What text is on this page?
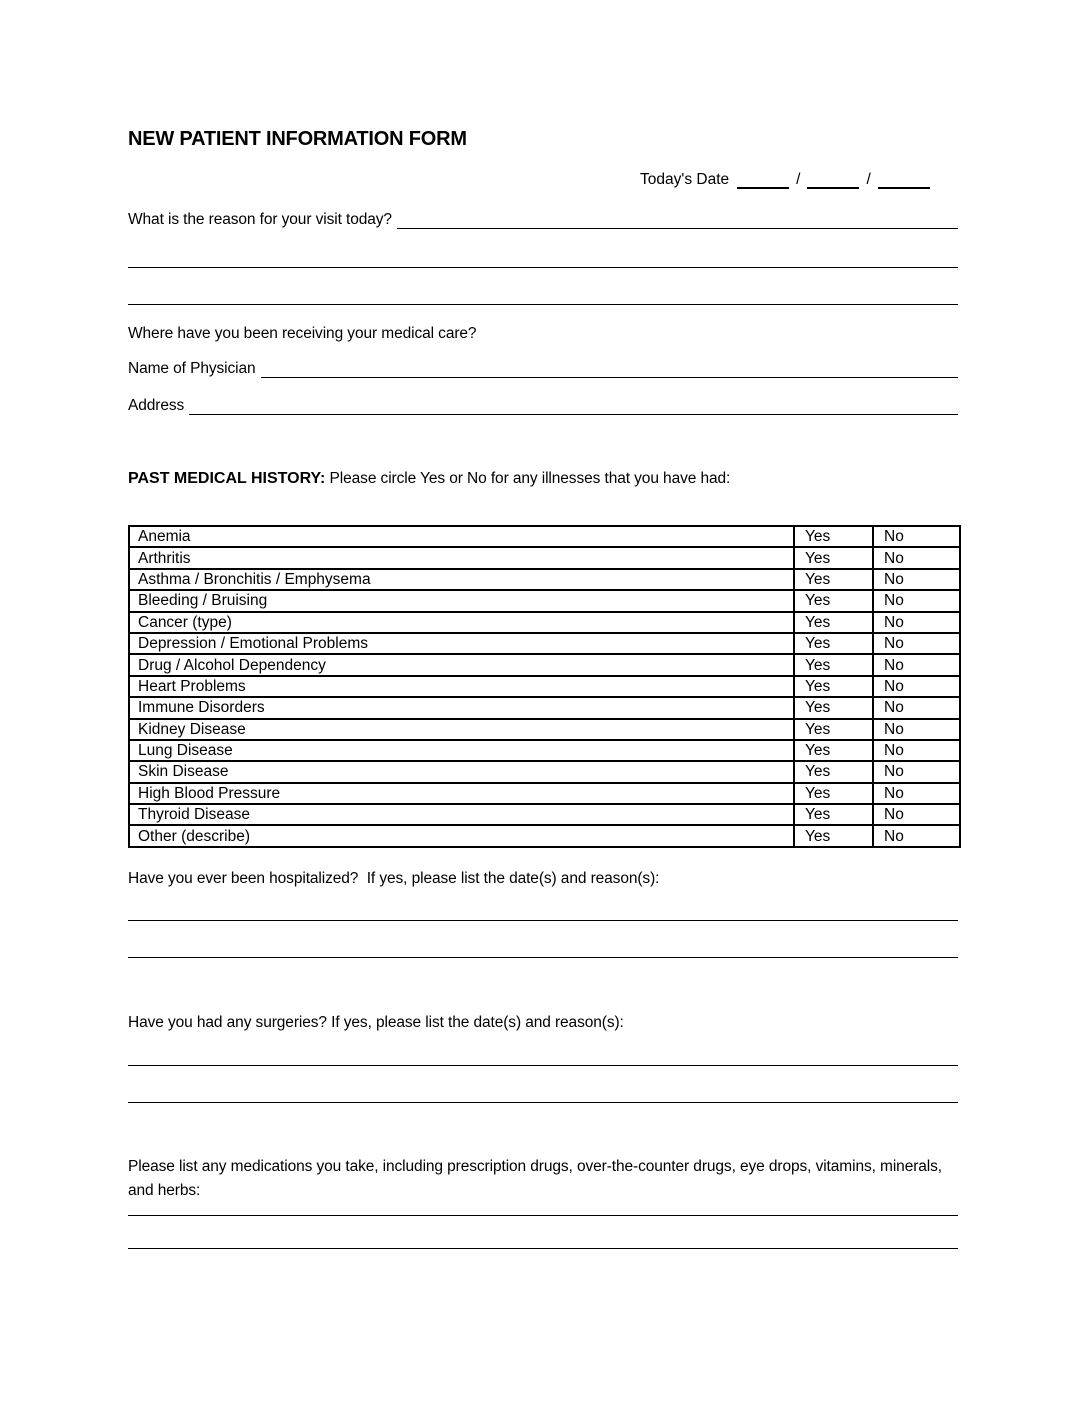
NEW PATIENT INFORMATION FORM
Today's Date	/	/
What is the reason for your visit today?
Where have you been receiving your medical care?
Name of Physician
Address
PAST MEDICAL HISTORY: Please circle Yes or No for any illnesses that you have had:
Anemia	Yes	No
Arthritis	Yes	No
Asthma / Bronchitis / Emphysema	Yes	No
Bleeding / Bruising	Yes	No
Cancer (type)	Yes	No
Depression / Emotional Problems	Yes	No
Drug / Alcohol Dependency	Yes	No
Heart Problems	Yes	No
Immune Disorders	Yes	No
Kidney Disease	Yes	No
Lung Disease	Yes	No
Skin Disease	Yes	No
High Blood Pressure	Yes	No
Thyroid Disease	Yes	No
Other (describe)	Yes	No
Have you ever been hospitalized?  If yes, please list the date(s) and reason(s):
Have you had any surgeries? If yes, please list the date(s) and reason(s):
Please list any medications you take, including prescription drugs, over-the-counter drugs, eye drops, vitamins, minerals, and herbs:
